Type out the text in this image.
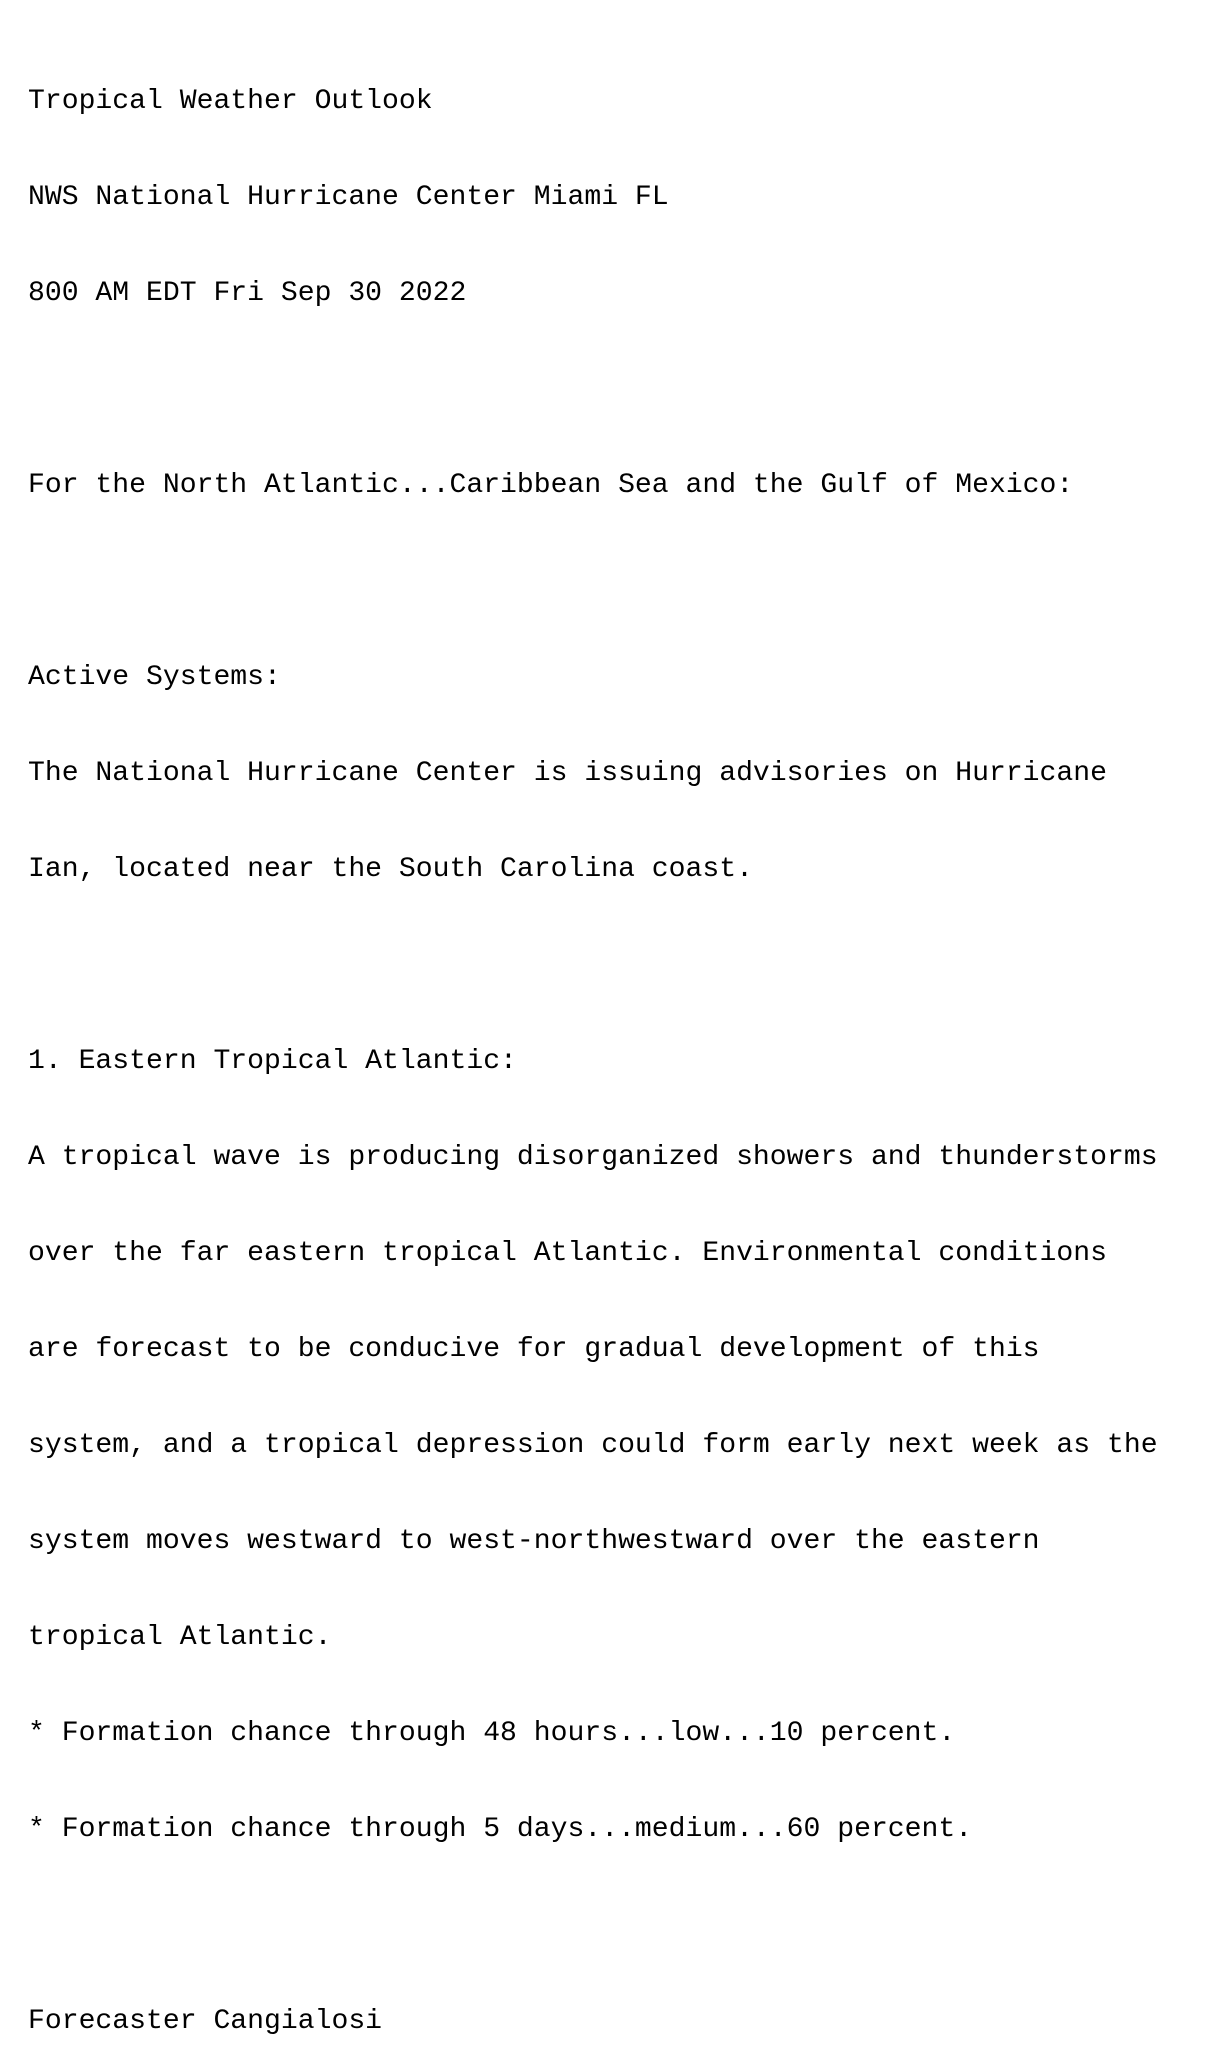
Tropical Weather Outlook

NWS National Hurricane Center Miami FL

800 AM EDT Fri Sep 30 2022

For the North Atlantic...Caribbean Sea and the Gulf of Mexico:

Active Systems:

The National Hurricane Center is issuing advisories on Hurricane

Ian, located near the South Carolina coast.

1. Eastern Tropical Atlantic:

A tropical wave is producing disorganized showers and thunderstorms

over the far eastern tropical Atlantic. Environmental conditions

are forecast to be conducive for gradual development of this

system, and a tropical depression could form early next week as the

system moves westward to west-northwestward over the eastern

tropical Atlantic.

* Formation chance through 48 hours...low...10 percent.

* Formation chance through 5 days...medium...60 percent.

Forecaster Cangialosi
